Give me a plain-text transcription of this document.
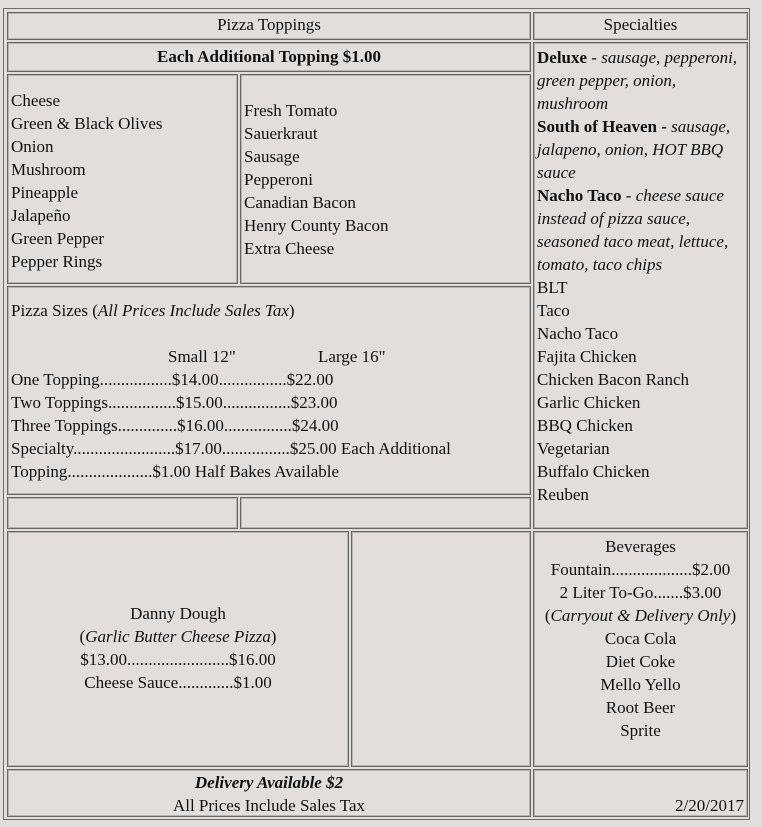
Pizza Toppings	Specialties
Each Additional Topping $1.00
Cheese
Green & Black Olives
Onion
Mushroom
Pineapple
Jalapeño
Green Pepper
Pepper Rings
Fresh Tomato
Sauerkraut
Sausage
Pepperoni
Canadian Bacon
Henry County Bacon
Extra Cheese
Deluxe - sausage, pepperoni, green pepper, onion, mushroom
South of Heaven - sausage, jalapeno, onion, HOT BBQ sauce
Nacho Taco - cheese sauce instead of pizza sauce, seasoned taco meat, lettuce, tomato, taco chips
BLT
Taco
Nacho Taco
Fajita Chicken
Chicken Bacon Ranch
Garlic Chicken
BBQ Chicken
Vegetarian
Buffalo Chicken
Reuben
Pizza Sizes (All Prices Include Sales Tax)
Small 12"	Large 16"
One Topping.................$14.00................$22.00
Two Toppings................$15.00................$23.00
Three Toppings..............$16.00................$24.00
Specialty........................$17.00................$25.00 Each Additional
Topping....................$1.00 Half Bakes Available
Danny Dough
(Garlic Butter Cheese Pizza)
$13.00........................$16.00
Cheese Sauce.............$1.00
Beverages
Fountain...................$2.00
2 Liter To-Go.......$3.00
(Carryout & Delivery Only)
Coca Cola
Diet Coke
Mello Yello
Root Beer
Sprite
Delivery Available $2
All Prices Include Sales Tax	2/20/2017
